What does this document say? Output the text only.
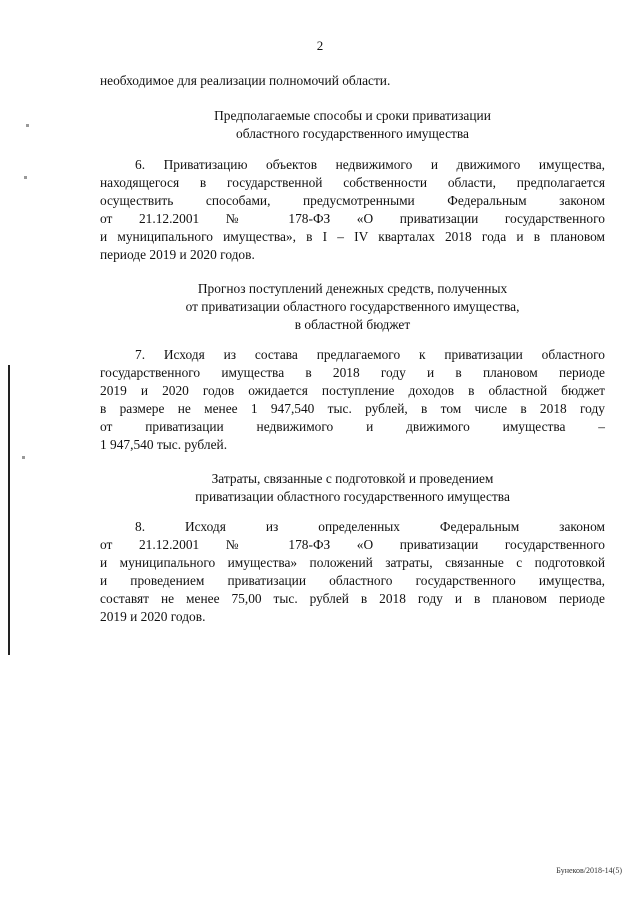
2
необходимое для реализации полномочий области.
Предполагаемые способы и сроки приватизации
областного государственного имущества
6. Приватизацию объектов недвижимого и движимого имущества,
находящегося в государственной собственности области, предполагается
осуществить способами, предусмотренными Федеральным законом
от 21.12.2001 № 178-ФЗ «О приватизации государственного
и муниципального имущества», в I – IV кварталах 2018 года и в плановом
периоде 2019 и 2020 годов.
Прогноз поступлений денежных средств, полученных
от приватизации областного государственного имущества,
в областной бюджет
7. Исходя из состава предлагаемого к приватизации областного
государственного имущества в 2018 году и в плановом периоде
2019 и 2020 годов ожидается поступление доходов в областной бюджет
в размере не менее 1 947,540 тыс. рублей, в том числе в 2018 году
от приватизации недвижимого и движимого имущества –
1 947,540 тыс. рублей.
Затраты, связанные с подготовкой и проведением
приватизации областного государственного имущества
8. Исходя из определенных Федеральным законом
от 21.12.2001 № 178-ФЗ «О приватизации государственного
и муниципального имущества» положений затраты, связанные с подготовкой
и проведением приватизации областного государственного имущества,
составят не менее 75,00 тыс. рублей в 2018 году и в плановом периоде
2019 и 2020 годов.
Бунеков/2018-14(5)
